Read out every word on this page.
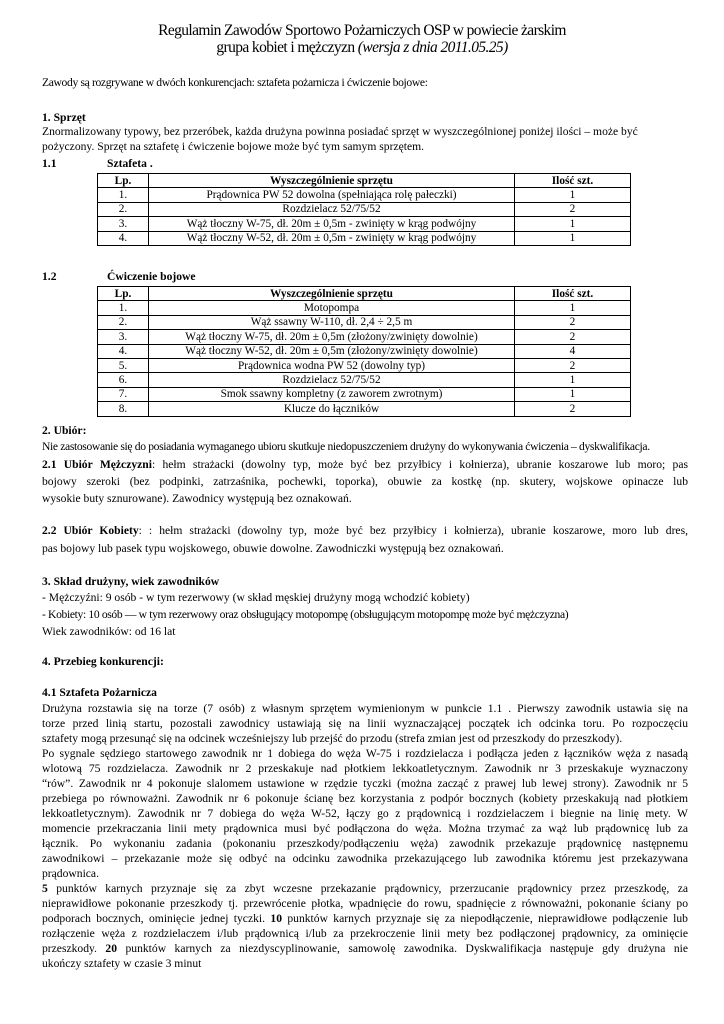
Regulamin Zawodów Sportowo Pożarniczych OSP w powiecie żarskim
grupa kobiet i mężczyzn (wersja z dnia 2011.05.25)
Zawody są rozgrywane w dwóch konkurencjach: sztafeta pożarnicza i ćwiczenie bojowe:
1. Sprzęt
Znormalizowany typowy, bez przeróbek, każda drużyna powinna posiadać sprzęt w wyszczególnionej poniżej ilości – może być
pożyczony. Sprzęt na sztafetę i ćwiczenie bojowe może być tym samym sprzętem.
1.1	Sztafeta .
Lp.	Wyszczególnienie sprzętu	Ilość szt.
1.	Prądownica PW 52 dowolna (spełniająca rolę pałeczki)	1
2.	Rozdzielacz 52/75/52	2
3.	Wąż tłoczny W-75, dł. 20m ± 0,5m - zwinięty w krąg podwójny	1
4.	Wąż tłoczny W-52, dł. 20m ± 0,5m - zwinięty w krąg podwójny	1
1.2	Ćwiczenie bojowe
Lp.	Wyszczególnienie sprzętu	Ilość szt.
1.	Motopompa	1
2.	Wąż ssawny W-110, dł. 2,4 ÷ 2,5 m	2
3.	Wąż tłoczny W-75, dł. 20m ± 0,5m (złożony/zwinięty dowolnie)	2
4.	Wąż tłoczny W-52, dł. 20m ± 0,5m (złożony/zwinięty dowolnie)	4
5.	Prądownica wodna PW 52 (dowolny typ)	2
6.	Rozdzielacz 52/75/52	1
7.	Smok ssawny kompletny (z zaworem zwrotnym)	1
8.	Klucze do łączników	2
2. Ubiór:
Nie zastosowanie się do posiadania wymaganego ubioru skutkuje niedopuszczeniem drużyny do wykonywania ćwiczenia – dyskwalifikacja.
2.1 Ubiór Mężczyzni: hełm strażacki (dowolny typ, może być bez przyłbicy i kołnierza), ubranie koszarowe lub moro; pas
bojowy szeroki (bez podpinki, zatrzaśnika, pochewki, toporka), obuwie za kostkę (np. skutery, wojskowe opinacze lub
wysokie buty sznurowane). Zawodnicy występują bez oznakowań.
2.2 Ubiór Kobiety: : hełm strażacki (dowolny typ, może być bez przyłbicy i kołnierza), ubranie koszarowe, moro lub dres,
pas bojowy lub pasek typu wojskowego, obuwie dowolne. Zawodniczki występują bez oznakowań.
3. Skład drużyny, wiek zawodników
- Mężczyźni: 9 osób - w tym rezerwowy (w skład męskiej drużyny mogą wchodzić kobiety)
- Kobiety: 10 osób — w tym rezerwowy oraz obsługujący motopompę (obsługującym motopompę może być mężczyzna)
Wiek zawodników: od 16 lat
4. Przebieg konkurencji:
4.1 Sztafeta Pożarnicza
Drużyna rozstawia się na torze (7 osób) z własnym sprzętem wymienionym w punkcie 1.1 . Pierwszy zawodnik ustawia się na
torze przed linią startu, pozostali zawodnicy ustawiają się na linii wyznaczającej początek ich odcinka toru. Po rozpoczęciu
sztafety mogą przesunąć się na odcinek wcześniejszy lub przejść do przodu (strefa zmian jest od przeszkody do przeszkody).
Po sygnale sędziego startowego zawodnik nr 1 dobiega do węża W-75 i rozdzielacza i podłącza jeden z łączników węża z nasadą
wlotową 75 rozdzielacza. Zawodnik nr 2 przeskakuje nad płotkiem lekkoatletycznym. Zawodnik nr 3 przeskakuje wyznaczony
“rów”. Zawodnik nr 4 pokonuje slalomem ustawione w rzędzie tyczki (można zacząć z prawej lub lewej strony). Zawodnik nr 5
przebiega po równoważni. Zawodnik nr 6 pokonuje ścianę bez korzystania z podpór bocznych (kobiety przeskakują nad płotkiem
lekkoatletycznym). Zawodnik nr 7 dobiega do węża W-52, łączy go z prądownicą i rozdzielaczem i biegnie na linię mety. W
momencie przekraczania linii mety prądownica musi być podłączona do węża. Można trzymać za wąż lub prądownicę lub za
łącznik. Po wykonaniu zadania (pokonaniu przeszkody/podłączeniu węża) zawodnik przekazuje prądownicę następnemu
zawodnikowi – przekazanie może się odbyć na odcinku zawodnika przekazującego lub zawodnika któremu jest przekazywana
prądownica.
5 punktów karnych przyznaje się za zbyt wczesne przekazanie prądownicy, przerzucanie prądownicy przez przeszkodę, za
nieprawidłowe pokonanie przeszkody tj. przewrócenie płotka, wpadnięcie do rowu, spadnięcie z równoważni, pokonanie ściany po
podporach bocznych, ominięcie jednej tyczki. 10 punktów karnych przyznaje się za niepodłączenie, nieprawidłowe podłączenie lub
rozłączenie węża z rozdzielaczem i/lub prądownicą i/lub za przekroczenie linii mety bez podłączonej prądownicy, za ominięcie
przeszkody. 20 punktów karnych za niezdyscyplinowanie, samowolę zawodnika. Dyskwalifikacja następuje gdy drużyna nie
ukończy sztafety w czasie 3 minut
